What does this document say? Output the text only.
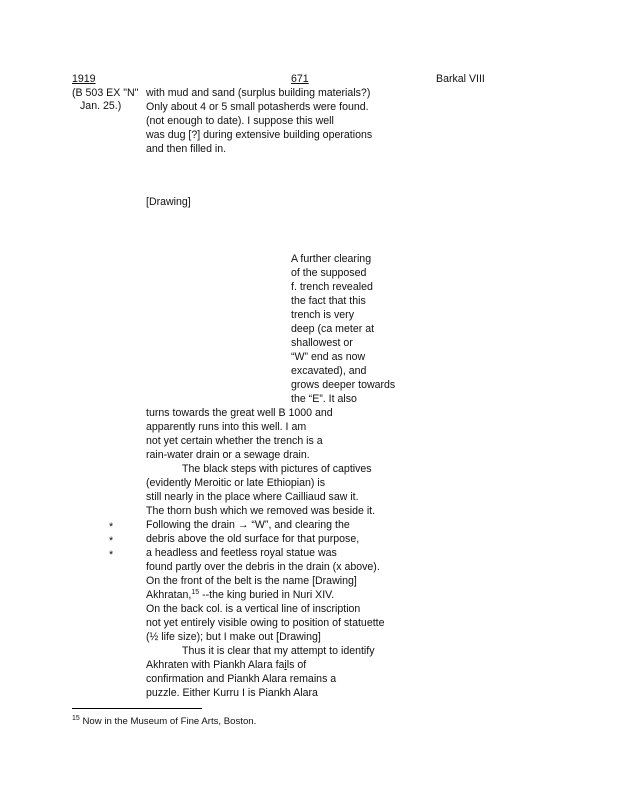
1919	671	Barkal VIII
(B 503 EX "N"
Jan. 25.)
with mud and sand (surplus building materials?)
Only about 4 or 5 small potasherds were found.
(not enough to date). I suppose this well
was dug [?] during extensive building operations
and then filled in.
[Drawing]
A further clearing
of the supposed
f. trench revealed
the fact that this
trench is very
deep (ca meter at
shallowest or
“W” end as now
excavated), and
grows deeper towards
the “E”. It also
turns towards the great well B 1000 and
apparently runs into this well. I am
not yet certain whether the trench is a
rain-water drain or a sewage drain.
The black steps with pictures of captives
(evidently Meroitic or late Ethiopian) is
still nearly in the place where Cailliaud saw it.
The thorn bush which we removed was beside it.
Following the drain → “W”, and clearing the
debris above the old surface for that purpose,
a headless and feetless royal statue was
found partly over the debris in the drain (x above).
On the front of the belt is the name [Drawing]
Akhratan,$^{15}$ --the king buried in Nuri XIV.
On the back col. is a vertical line of inscription
not yet entirely visible owing to position of statuette
(½ life size); but I make out [Drawing]
Thus it is clear that my attempt to identify
Akhraten with Piankh Alara fails of
confirmation and Piankh Alara remains a
puzzle. Either Kurru I is Piankh Alara
*
*
*
$^{15}$ Now in the Museum of Fine Arts, Boston.
